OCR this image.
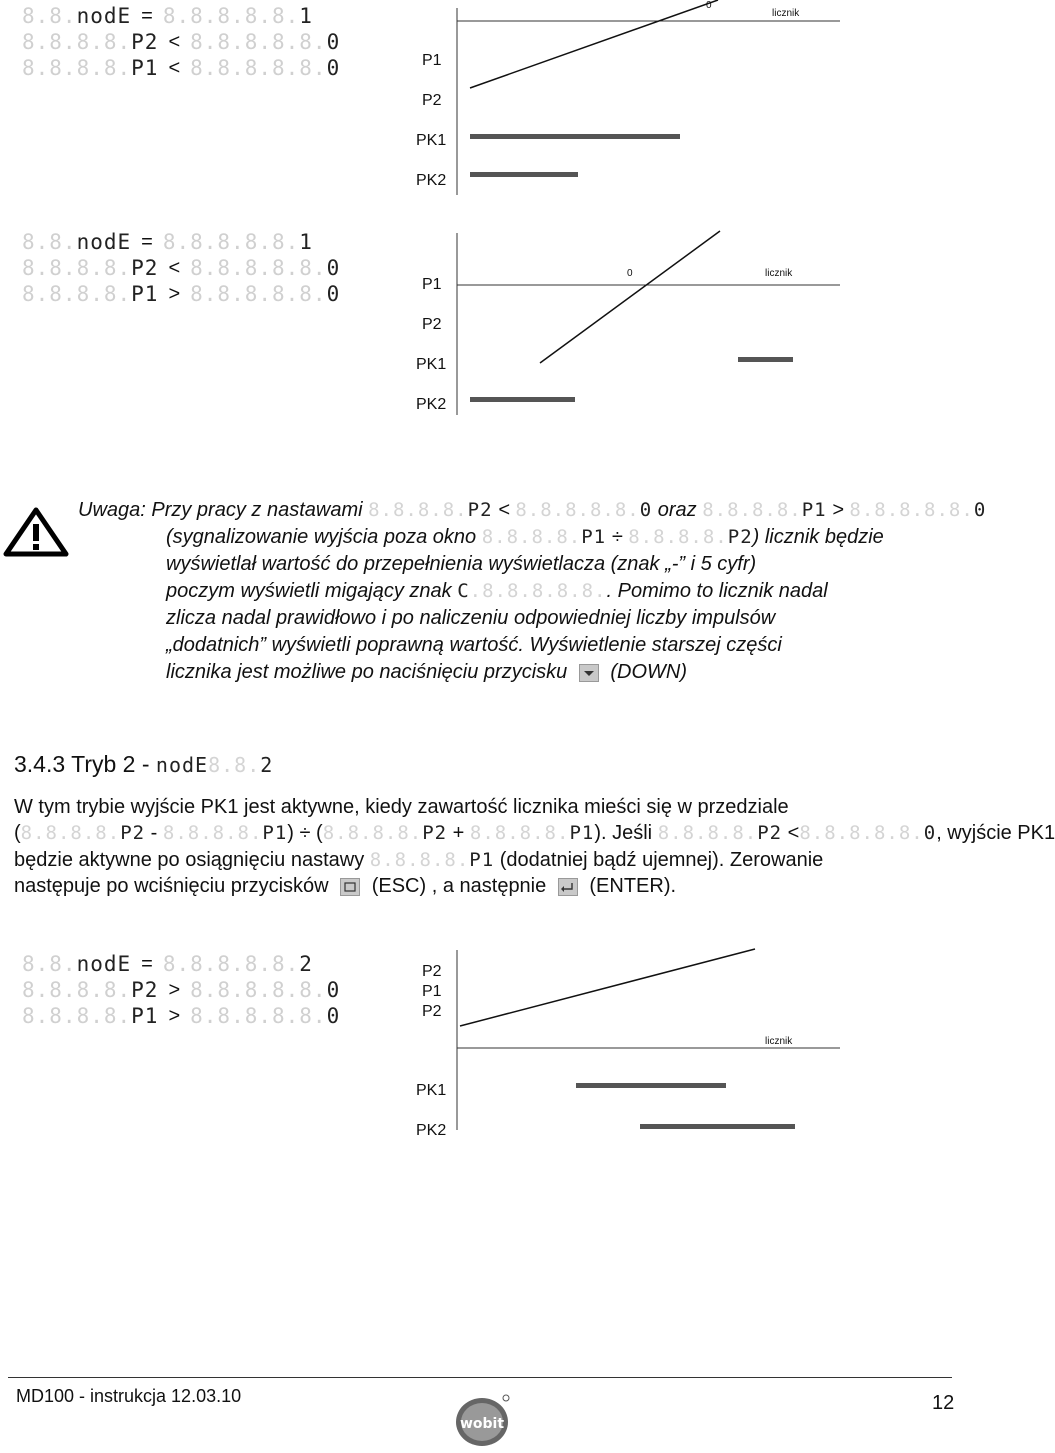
8.8.nodE = 8.8.8.8.8.1
8.8.8.8.P2 < 8.8.8.8.8.0
8.8.8.8.P1 < 8.8.8.8.8.0
0
licznik
P1
P2
PK1
PK2
8.8.nodE = 8.8.8.8.8.1
8.8.8.8.P2 < 8.8.8.8.8.0
8.8.8.8.P1 > 8.8.8.8.8.0
0	licznik
P1
P2
PK1
PK2
Uwaga: Przy pracy z nastawami 8.8.8.8.P2 < 8.8.8.8.8.0 oraz 8.8.8.8.P1 > 8.8.8.8.8.0
(sygnalizowanie wyjścia poza okno 8.8.8.8.P1 ÷ 8.8.8.8.P2) licznik będzie
wyświetlał wartość do przepełnienia wyświetlacza (znak „-” i 5 cyfr)
poczym wyświetli migający znak C.8.8.8.8.8.. Pomimo to licznik nadal
zlicza nadal prawidłowo i po naliczeniu odpowiedniej liczby impulsów
„dodatnich” wyświetli poprawną wartość. Wyświetlenie starszej części
licznika jest możliwe po naciśnięciu przycisku (DOWN)
3.4.3 Tryb 2 - nodE8.8.2
W tym trybie wyjście PK1 jest aktywne, kiedy zawartość licznika mieści się w przedziale
(8.8.8.8.P2 - 8.8.8.8.P1) ÷ (8.8.8.8.P2 + 8.8.8.8.P1). Jeśli 8.8.8.8.P2 <8.8.8.8.8.0, wyjście PK1
będzie aktywne po osiągnięciu nastawy 8.8.8.8.P1 (dodatniej bądź ujemnej). Zerowanie
następuje po wciśnięciu przycisków (ESC) , a następnie (ENTER).
8.8.nodE = 8.8.8.8.8.2
8.8.8.8.P2 > 8.8.8.8.8.0
8.8.8.8.P1 > 8.8.8.8.8.0
licznik
P2
P1
P2
PK1
PK2
MD100 - instrukcja 12.03.10
wobit
12
